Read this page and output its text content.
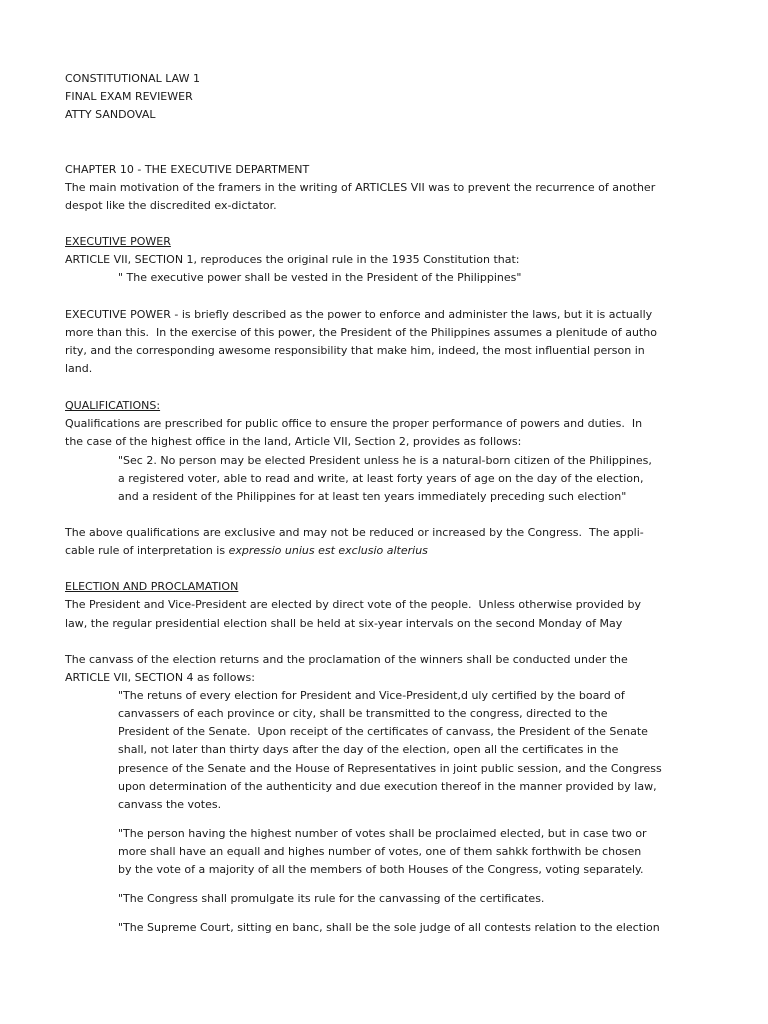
CONSTITUTIONAL LAW 1
FINAL EXAM REVIEWER
ATTY SANDOVAL
CHAPTER 10 - THE EXECUTIVE DEPARTMENT
The main motivation of the framers in the writing of ARTICLES VII was to prevent the recurrence of another
despot like the discredited ex-dictator.
EXECUTIVE POWER
ARTICLE VII, SECTION 1, reproduces the original rule in the 1935 Constitution that:
" The executive power shall be vested in the President of the Philippines"
EXECUTIVE POWER - is briefly described as the power to enforce and administer the laws, but it is actually
more than this.  In the exercise of this power, the President of the Philippines assumes a plenitude of autho
rity, and the corresponding awesome responsibility that make him, indeed, the most influential person in
land.
QUALIFICATIONS:
Qualifications are prescribed for public office to ensure the proper performance of powers and duties.  In
the case of the highest office in the land, Article VII, Section 2, provides as follows:
"Sec 2. No person may be elected President unless he is a natural-born citizen of the Philippines,
a registered voter, able to read and write, at least forty years of age on the day of the election,
and a resident of the Philippines for at least ten years immediately preceding such election"
The above qualifications are exclusive and may not be reduced or increased by the Congress.  The appli-
cable rule of interpretation is expressio unius est exclusio alterius
ELECTION AND PROCLAMATION
The President and Vice-President are elected by direct vote of the people.  Unless otherwise provided by
law, the regular presidential election shall be held at six-year intervals on the second Monday of May
The canvass of the election returns and the proclamation of the winners shall be conducted under the
ARTICLE VII, SECTION 4 as follows:
"The retuns of every election for President and Vice-President,d uly certified by the board of
canvassers of each province or city, shall be transmitted to the congress, directed to the
President of the Senate.  Upon receipt of the certificates of canvass, the President of the Senate
shall, not later than thirty days after the day of the election, open all the certificates in the
presence of the Senate and the House of Representatives in joint public session, and the Congress
upon determination of the authenticity and due execution thereof in the manner provided by law,
canvass the votes.
"The person having the highest number of votes shall be proclaimed elected, but in case two or
more shall have an equall and highes number of votes, one of them sahkk forthwith be chosen
by the vote of a majority of all the members of both Houses of the Congress, voting separately.
"The Congress shall promulgate its rule for the canvassing of the certificates.
"The Supreme Court, sitting en banc, shall be the sole judge of all contests relation to the election
